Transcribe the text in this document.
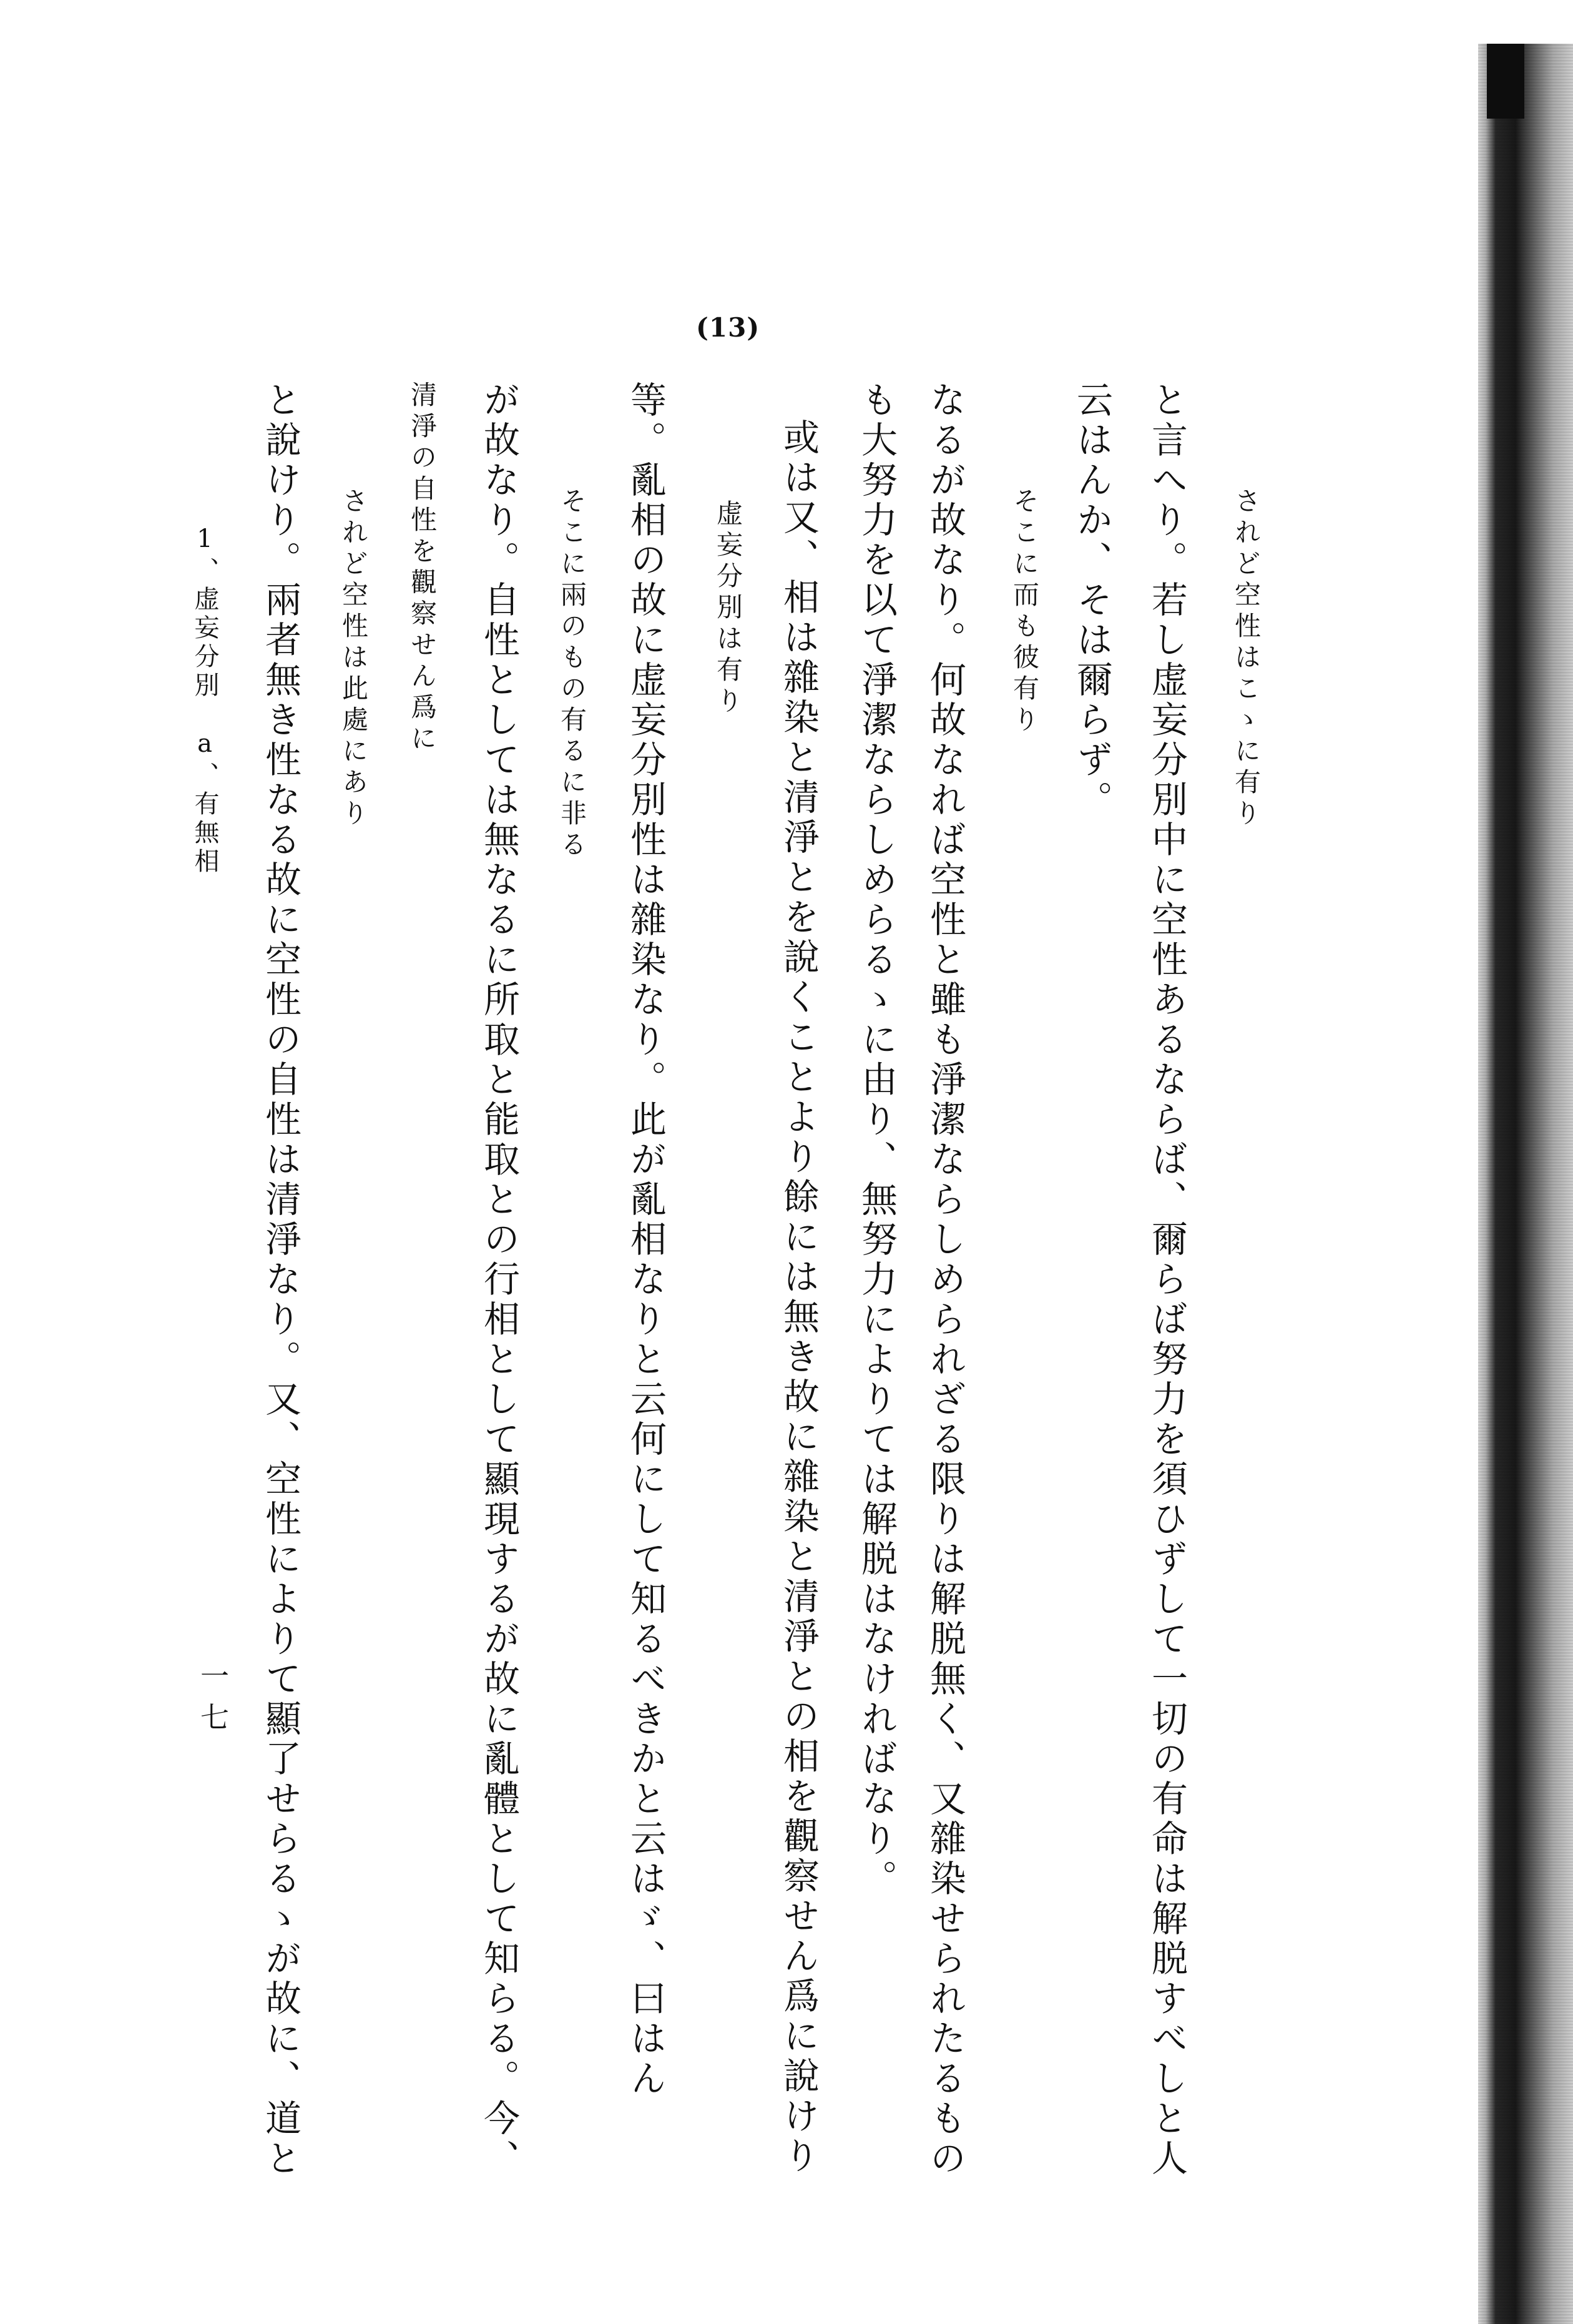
(13)
されど空性はこゝに有り
と言へり。若し虚妄分別中に空性あるならば、爾らば努力を須ひずして一切の有命は解脱すべしと人
云はんか、そは爾らず。
そこに而も彼有り
なるが故なり。何故なれば空性と雖も淨潔ならしめられざる限りは解脱無く、又雜染せられたるもの
も大努力を以て淨潔ならしめらるゝに由り、無努力によりては解脱はなければなり。
或は又、相は雜染と清淨とを說くことより餘には無き故に雜染と清淨との相を觀察せん爲に說けり
虚妄分別は有り
等。亂相の故に虚妄分別性は雜染なり。此が亂相なりと云何にして知るべきかと云はゞ、曰はん
そこに兩のもの有るに非る
が故なり。自性としては無なるに所取と能取との行相として顯現するが故に亂體として知らる。今、
清淨の自性を觀察せん爲に
されど空性は此處にあり
と說けり。兩者無き性なる故に空性の自性は清淨なり。又、空性によりて顯了せらるゝが故に、道と
1、虚妄分別　a、有無相
一七
